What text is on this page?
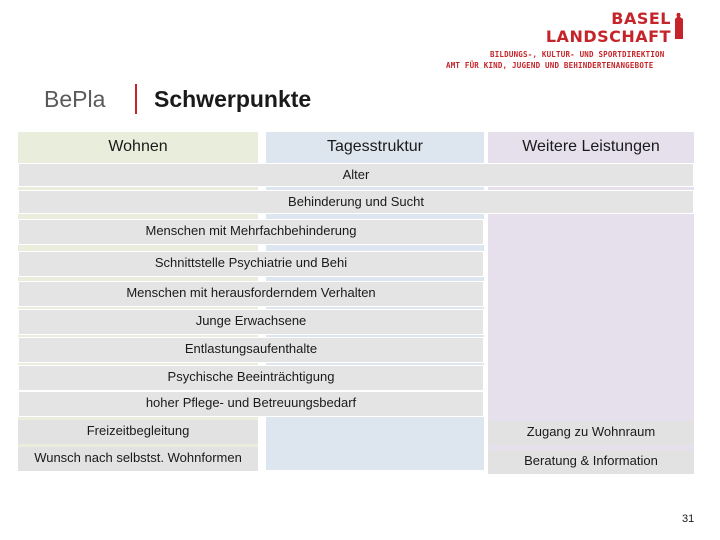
BASEL
LANDSCHAFT
BILDUNGS-, KULTUR- UND SPORTDIREKTION
AMT FÜR KIND, JUGEND UND BEHINDERTENANGEBOTE
BePla Schwerpunkte
Wohnen	Tagesstruktur	Weitere Leistungen
Alter
Behinderung und Sucht
Menschen mit Mehrfachbehinderung
Schnittstelle Psychiatrie und Behi
Menschen mit herausforderndem Verhalten
Junge Erwachsene
Entlastungsaufenthalte
Psychische Beeinträchtigung
hoher Pflege- und Betreuungsbedarf
Freizeitbegleitung
Wunsch nach selbstst. Wohnformen
Zugang zu Wohnraum
Beratung & Information
31
